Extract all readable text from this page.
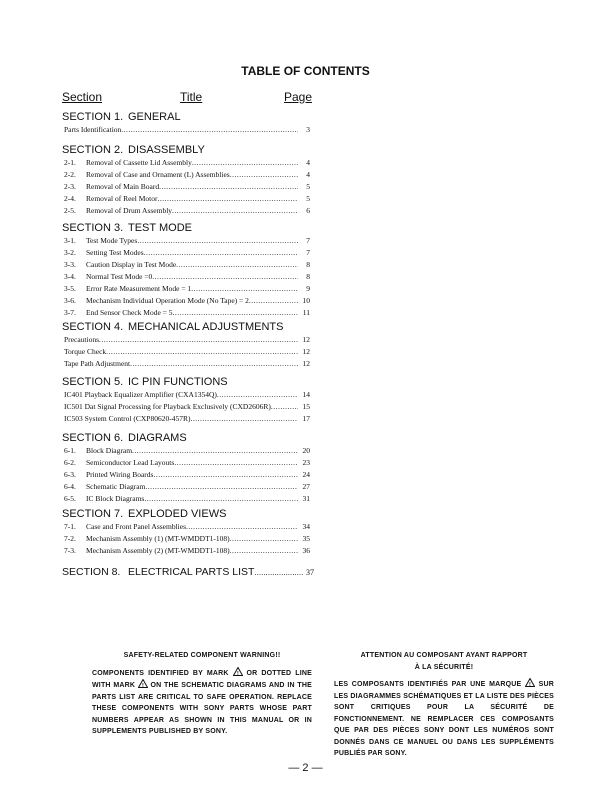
TABLE OF CONTENTS
Section	Title	Page
SECTION 1. GENERAL
Parts Identification .....	3
SECTION 2. DISASSEMBLY
2-1.	Removal of Cassette Lid Assembly .....	4
2-2.	Removal of Case and Ornament (L) Assemblies .....	4
2-3.	Removal of Main Board .....	5
2-4.	Removal of Reel Motor .....	5
2-5.	Removal of Drum Assembly .....	6
SECTION 3. TEST MODE
3-1.	Test Mode Types .....	7
3-2.	Setting Test Modes .....	7
3-3.	Caution Display in Test Mode .....	8
3-4.	Normal Test Mode =0 .....	8
3-5.	Error Rate Measurement Mode = 1 .....	9
3-6.	Mechanism Individual Operation Mode (No Tape) = 2 .....	10
3-7.	End Sensor Check Mode = 5 .....	11
SECTION 4. MECHANICAL ADJUSTMENTS
Precautions .....	12
Torque Check .....	12
Tape Path Adjustment .....	12
SECTION 5. IC PIN FUNCTIONS
IC401 Playback Equalizer Amplifier (CXA1354Q) .....	14
IC501 Dat Signal Processing for Playback Exclusively (CXD2606R) .....	15
IC503 System Control (CXP80620-457R) .....	17
SECTION 6. DIAGRAMS
6-1.	Block Diagram .....	20
6-2.	Semiconductor Lead Layouts .....	23
6-3.	Printed Wiring Boards .....	24
6-4.	Schematic Diagram .....	27
6-5.	IC Block Diagrams .....	31
SECTION 7. EXPLODED VIEWS
7-1.	Case and Front Panel Assemblies .....	34
7-2.	Mechanism Assembly (1) (MT-WMDDT1-108) .....	35
7-3.	Mechanism Assembly (2) (MT-WMDDT1-108) .....	36
SECTION 8. ELECTRICAL PARTS LIST .....	37
SAFETY-RELATED COMPONENT WARNING!!
COMPONENTS IDENTIFIED BY MARK ! OR DOTTED LINE WITH MARK ! ON THE SCHEMATIC DIAGRAMS AND IN THE PARTS LIST ARE CRITICAL TO SAFE OPERATION. REPLACE THESE COMPONENTS WITH SONY PARTS WHOSE PART NUMBERS APPEAR AS SHOWN IN THIS MANUAL OR IN SUPPLEMENTS PUBLISHED BY SONY.
ATTENTION AU COMPOSANT AYANT RAPPORT
À LA SÉCURITÉ!
LES COMPOSANTS IDENTIFIÉS PAR UNE MARQUE ! SUR LES DIAGRAMMES SCHÉMATIQUES ET LA LISTE DES PIÈCES SONT CRITIQUES POUR LA SÉCURITÉ DE FONCTIONNEMENT. NE REMPLACER CES COMPOSANTS QUE PAR DES PIÈCES SONY DONT LES NUMÉROS SONT DONNÉS DANS CE MANUEL OU DANS LES SUPPLÉMENTS PUBLIÉS PAR SONY.
— 2 —
